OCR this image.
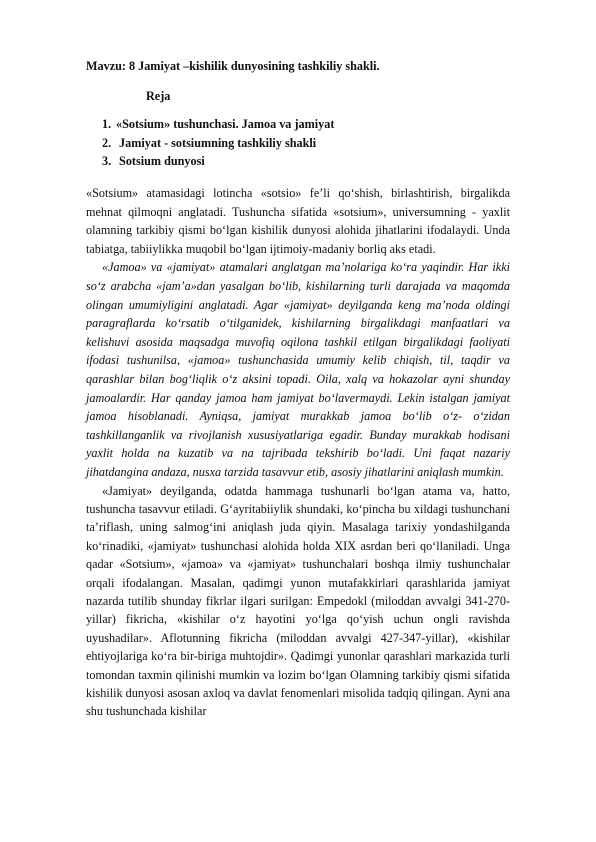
Mavzu: 8 Jamiyat –kishilik dunyosining tashkiliy shakli.
Reja
1. «Sotsium» tushunchasi. Jamoa va jamiyat
2. Jamiyat - sotsiumning tashkiliy shakli
3. Sotsium dunyosi

«Sotsium» atamasidagi lotincha «sotsio» fe’li qo‘shish, birlashtirish, birgalikda mehnat qilmoqni anglatadi. Tushuncha sifatida «sotsium», universumning - yaxlit olamning tarkibiy qismi bo‘lgan kishilik dunyosi alohida jihatlarini ifodalaydi. Unda tabiatga, tabiiylikka muqobil bo‘lgan ijtimoiy-madaniy borliq aks etadi.

«Jamoa» va «jamiyat» atamalari anglatgan ma’nolariga ko‘ra yaqindir. Har ikki so‘z arabcha «jam’a»dan yasalgan bo‘lib, kishilarning turli darajada va maqomda olingan umumiyligini anglatadi. Agar «jamiyat» deyilganda keng ma’noda oldingi paragraflarda ko‘rsatib o‘tilganidek, kishilarning birgalikdagi manfaatlari va kelishuvi asosida maqsadga muvofiq oqilona tashkil etilgan birgalikdagi faoliyati ifodasi tushunilsa, «jamoa» tushunchasida umumiy kelib chiqish, til, taqdir va qarashlar bilan bog‘liqlik o‘z aksini topadi. Oila, xalq va hokazolar ayni shunday jamoalardir. Har qanday jamoa ham jamiyat bo‘lavermaydi. Lekin istalgan jamiyat jamoa hisoblanadi. Ayniqsa, jamiyat murakkab jamoa bo‘lib o‘z- o‘zidan tashkillanganlik va rivojlanish xususiyatlariga egadir. Bunday murakkab hodisani yaxlit holda na kuzatib va na tajribada tekshirib bo‘ladi. Uni faqat nazariy jihatdangina andaza, nusxa tarzida tasavvur etib, asosiy jihatlarini aniqlash mumkin.

«Jamiyat» deyilganda, odatda hammaga tushunarli bo‘lgan atama va, hatto, tushuncha tasavvur etiladi. G‘ayritabiiylik shundaki, ko‘pincha bu xildagi tushunchani ta’riflash, uning salmog‘ini aniqlash juda qiyin. Masalaga tarixiy yondashilganda ko‘rinadiki, «jamiyat» tushunchasi alohida holda XIX asrdan beri qo‘llaniladi. Unga qadar «Sotsium», «jamoa» va «jamiyat» tushunchalari boshqa ilmiy tushunchalar orqali ifodalangan. Masalan, qadimgi yunon mutafakkirlari qarashlarida jamiyat nazarda tutilib shunday fikrlar ilgari surilgan: Empedokl (miloddan avvalgi 341-270-yillar) fikricha, «kishilar o‘z hayotini yo‘lga qo‘yish uchun ongli ravishda uyushadilar». Aflotunning fikricha (miloddan avvalgi 427-347-yillar), «kishilar ehtiyojlariga ko‘ra bir-biriga muhtojdir». Qadimgi yunonlar qarashlari markazida turli tomondan taxmin qilinishi mumkin va lozim bo‘lgan Olamning tarkibiy qismi sifatida kishilik dunyosi asosan axloq va davlat fenomenlari misolida tadqiq qilingan. Ayni ana shu tushunchada kishilar
